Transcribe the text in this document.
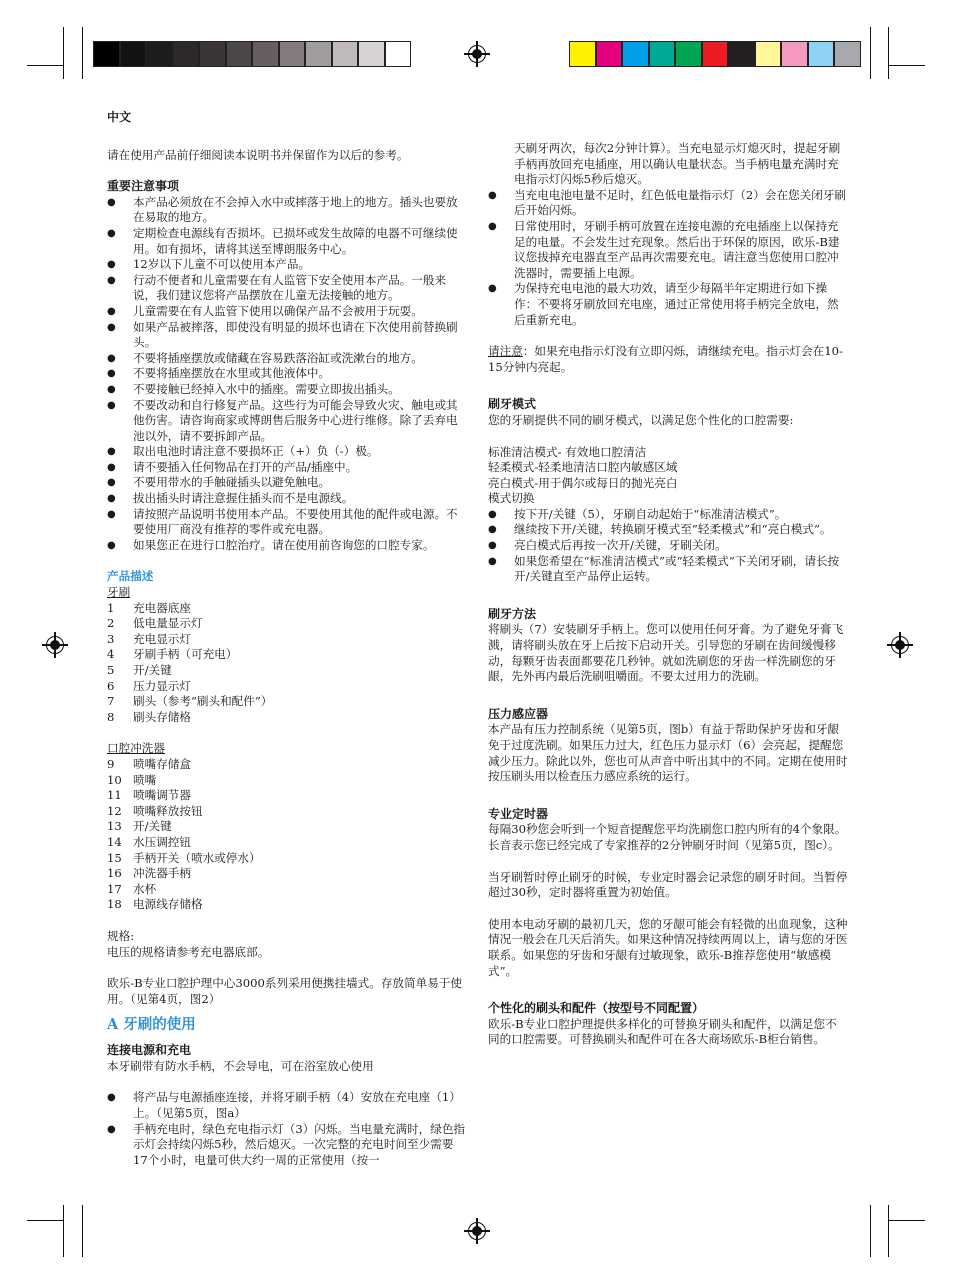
中文

请在使用产品前仔细阅读本说明书并保留作为以后的参考。

重要注意事项

● 本产品必须放在不会掉入水中或摔落于地上的地方。插头也要放在易取的地方。
● 定期检查电源线有否损坏。已损坏或发生故障的电器不可继续使用。如有损坏，请将其送至博朗服务中心。
● 12岁以下儿童不可以使用本产品。
● 行动不便者和儿童需要在有人监管下安全使用本产品。一般来说，我们建议您将产品摆放在儿童无法接触的地方。
● 儿童需要在有人监管下使用以确保产品不会被用于玩耍。
● 如果产品被摔落，即使没有明显的损坏也请在下次使用前替换刷头。
● 不要将插座摆放或储藏在容易跌落浴缸或洗漱台的地方。
● 不要将插座摆放在水里或其他液体中。
● 不要接触已经掉入水中的插座。需要立即拔出插头。
● 不要改动和自行修复产品。这些行为可能会导致火灾、触电或其他伤害。请咨询商家或博朗售后服务中心进行维修。除了丢弃电池以外，请不要拆卸产品。
● 取出电池时请注意不要损坏正（+）负（-）极。
● 请不要插入任何物品在打开的产品/插座中。
● 不要用带水的手触碰插头以避免触电。
● 拔出插头时请注意握住插头而不是电源线。
● 请按照产品说明书使用本产品。不要使用其他的配件或电源。不要使用厂商没有推荐的零件或充电器。
● 如果您正在进行口腔治疗。请在使用前咨询您的口腔专家。

产品描述

牙刷

1	充电器底座
2	低电量显示灯
3	充电显示灯
4	牙刷手柄（可充电）
5	开/关键
6	压力显示灯
7	刷头（参考“刷头和配件”）
8	刷头存储格

口腔冲洗器

9	喷嘴存储盒
10 喷嘴
11 喷嘴调节器
12 喷嘴释放按钮
13 开/关键
14 水压调控钮
15 手柄开关（喷水或停水）
16 冲洗器手柄
17 水杯
18 电源线存储格

规格:

电压的规格请参考充电器底部。

欧乐-B专业口腔护理中心3000系列采用便携挂墙式。存放简单易于使用。（见第4页，图2）

A 牙刷的使用

连接电源和充电

本牙刷带有防水手柄，不会导电，可在浴室放心使用

● 将产品与电源插座连接，并将牙刷手柄（4）安放在充电座（1）上。（见第5页，图a）
● 手柄充电时，绿色充电指示灯（3）闪烁。当电量充满时，绿色指示灯会持续闪烁5秒，然后熄灭。一次完整的充电时间至少需要17个小时，电量可供大约一周的正常使用（按一

天刷牙两次，每次2分钟计算）。当充电显示灯熄灭时，提起牙刷手柄再放回充电插座，用以确认电量状态。当手柄电量充满时充电指示灯闪烁5秒后熄灭。

● 当充电电池电量不足时，红色低电量指示灯（2）会在您关闭牙刷后开始闪烁。
● 日常使用时，牙刷手柄可放置在连接电源的充电插座上以保持充足的电量。不会发生过充现象。然后出于环保的原因，欧乐-B建议您拔掉充电器直至产品再次需要充电。请注意当您使用口腔冲洗器时，需要插上电源。
● 为保持充电电池的最大功效，请至少每隔半年定期进行如下操作：不要将牙刷放回充电座，通过正常使用将手柄完全放电，然后重新充电。

请注意：如果充电指示灯没有立即闪烁，请继续充电。指示灯会在10-15分钟内亮起。

刷牙模式

您的牙刷提供不同的刷牙模式，以满足您个性化的口腔需要:

标准清洁模式- 有效地口腔清洁

轻柔模式-轻柔地清洁口腔内敏感区域

亮白模式-用于偶尔或每日的抛光亮白

模式切换

● 按下开/关键（5），牙刷自动起始于“标准清洁模式”。
● 继续按下开/关键，转换刷牙模式至“轻柔模式”和“亮白模式”。
● 亮白模式后再按一次开/关键，牙刷关闭。
● 如果您希望在“标准清洁模式”或“轻柔模式”下关闭牙刷，请长按开/关键直至产品停止运转。

刷牙方法

将刷头（7）安装刷牙手柄上。您可以使用任何牙膏。为了避免牙膏飞溅，请将刷头放在牙上后按下启动开关。引导您的牙刷在齿间缓慢移动，每颗牙齿表面都要花几秒钟。就如洗刷您的牙齿一样洗刷您的牙龈，先外再内最后洗刷咀嚼面。不要太过用力的洗刷。

压力感应器

本产品有压力控制系统（见第5页，图b）有益于帮助保护牙齿和牙龈免于过度洗刷。如果压力过大，红色压力显示灯（6）会亮起，提醒您减少压力。除此以外，您也可从声音中听出其中的不同。定期在使用时按压刷头用以检查压力感应系统的运行。

专业定时器

每隔30秒您会听到一个短音提醒您平均洗刷您口腔内所有的4个象限。

长音表示您已经完成了专家推荐的2分钟刷牙时间（见第5页，图c）。

当牙刷暂时停止刷牙的时候，专业定时器会记录您的刷牙时间。当暂停超过30秒，定时器将重置为初始值。

使用本电动牙刷的最初几天，您的牙龈可能会有轻微的出血现象，这种情况一般会在几天后消失。如果这种情况持续两周以上，请与您的牙医联系。如果您的牙齿和牙龈有过敏现象，欧乐-B推荐您使用“敏感模式”。

个性化的刷头和配件（按型号不同配置）

欧乐-B专业口腔护理提供多样化的可替换牙刷头和配件，以满足您不同的口腔需要。可替换刷头和配件可在各大商场欧乐-B柜台销售。
